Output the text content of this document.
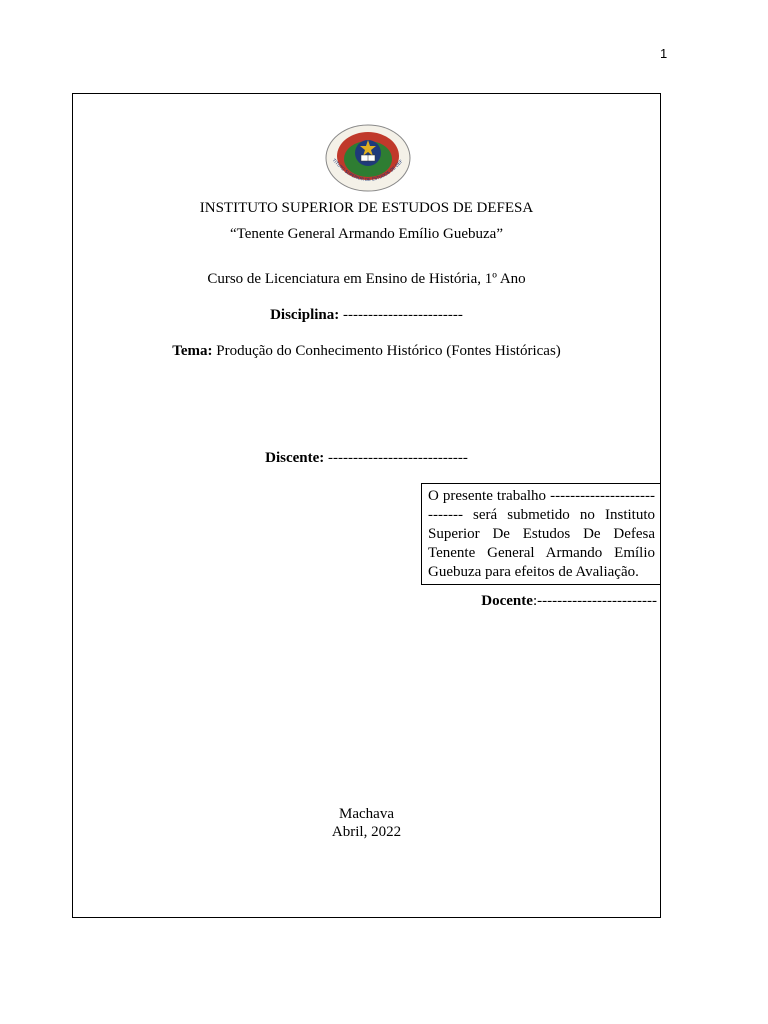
1
TITUTO SUPERIOR DE ESTUDOS DE DEF
INSTITUTO SUPERIOR DE ESTUDOS DE DEFESA
“Tenente General Armando Emílio Guebuza”
Curso de Licenciatura em Ensino de História, 1º Ano
Disciplina: ------------------------
Tema: Produção do Conhecimento Histórico (Fontes Históricas)
Discente: ----------------------------
O presente trabalho ---------------------------- será submetido no Instituto Superior De Estudos De Defesa Tenente General Armando Emílio Guebuza para efeitos de Avaliação.
Docente:------------------------
Machava
Abril, 2022
